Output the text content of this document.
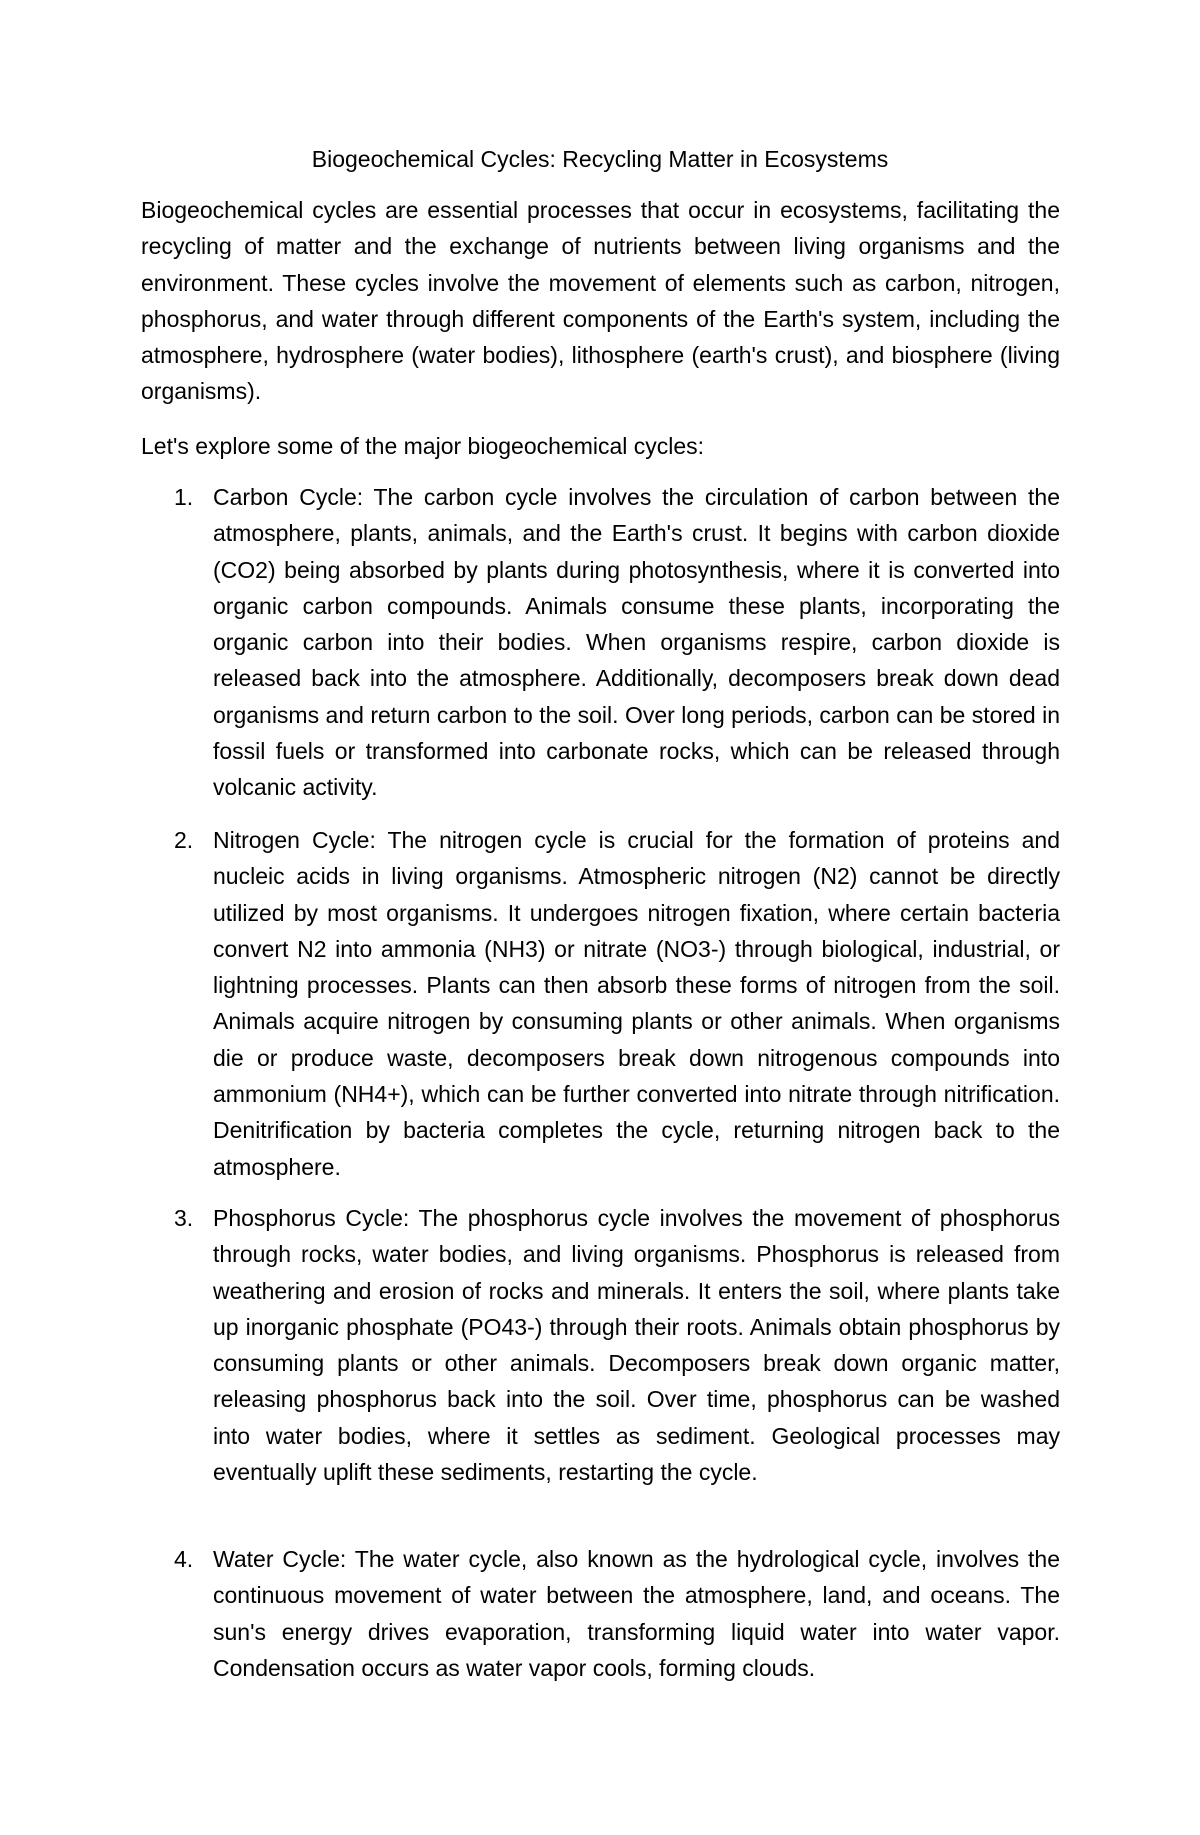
Biogeochemical Cycles: Recycling Matter in Ecosystems

Biogeochemical cycles are essential processes that occur in ecosystems, facilitating the recycling of matter and the exchange of nutrients between living organisms and the environment. These cycles involve the movement of elements such as carbon, nitrogen, phosphorus, and water through different components of the Earth's system, including the atmosphere, hydrosphere (water bodies), lithosphere (earth's crust), and biosphere (living organisms).

Let's explore some of the major biogeochemical cycles:

1. Carbon Cycle: The carbon cycle involves the circulation of carbon between the atmosphere, plants, animals, and the Earth's crust. It begins with carbon dioxide (CO2) being absorbed by plants during photosynthesis, where it is converted into organic carbon compounds. Animals consume these plants, incorporating the organic carbon into their bodies. When organisms respire, carbon dioxide is released back into the atmosphere. Additionally, decomposers break down dead organisms and return carbon to the soil. Over long periods, carbon can be stored in fossil fuels or transformed into carbonate rocks, which can be released through volcanic activity.

2. Nitrogen Cycle: The nitrogen cycle is crucial for the formation of proteins and nucleic acids in living organisms. Atmospheric nitrogen (N2) cannot be directly utilized by most organisms. It undergoes nitrogen fixation, where certain bacteria convert N2 into ammonia (NH3) or nitrate (NO3-) through biological, industrial, or lightning processes. Plants can then absorb these forms of nitrogen from the soil. Animals acquire nitrogen by consuming plants or other animals. When organisms die or produce waste, decomposers break down nitrogenous compounds into ammonium (NH4+), which can be further converted into nitrate through nitrification. Denitrification by bacteria completes the cycle, returning nitrogen back to the atmosphere.

3. Phosphorus Cycle: The phosphorus cycle involves the movement of phosphorus through rocks, water bodies, and living organisms. Phosphorus is released from weathering and erosion of rocks and minerals. It enters the soil, where plants take up inorganic phosphate (PO43-) through their roots. Animals obtain phosphorus by consuming plants or other animals. Decomposers break down organic matter, releasing phosphorus back into the soil. Over time, phosphorus can be washed into water bodies, where it settles as sediment. Geological processes may eventually uplift these sediments, restarting the cycle.

4. Water Cycle: The water cycle, also known as the hydrological cycle, involves the continuous movement of water between the atmosphere, land, and oceans. The sun's energy drives evaporation, transforming liquid water into water vapor. Condensation occurs as water vapor cools, forming clouds.
